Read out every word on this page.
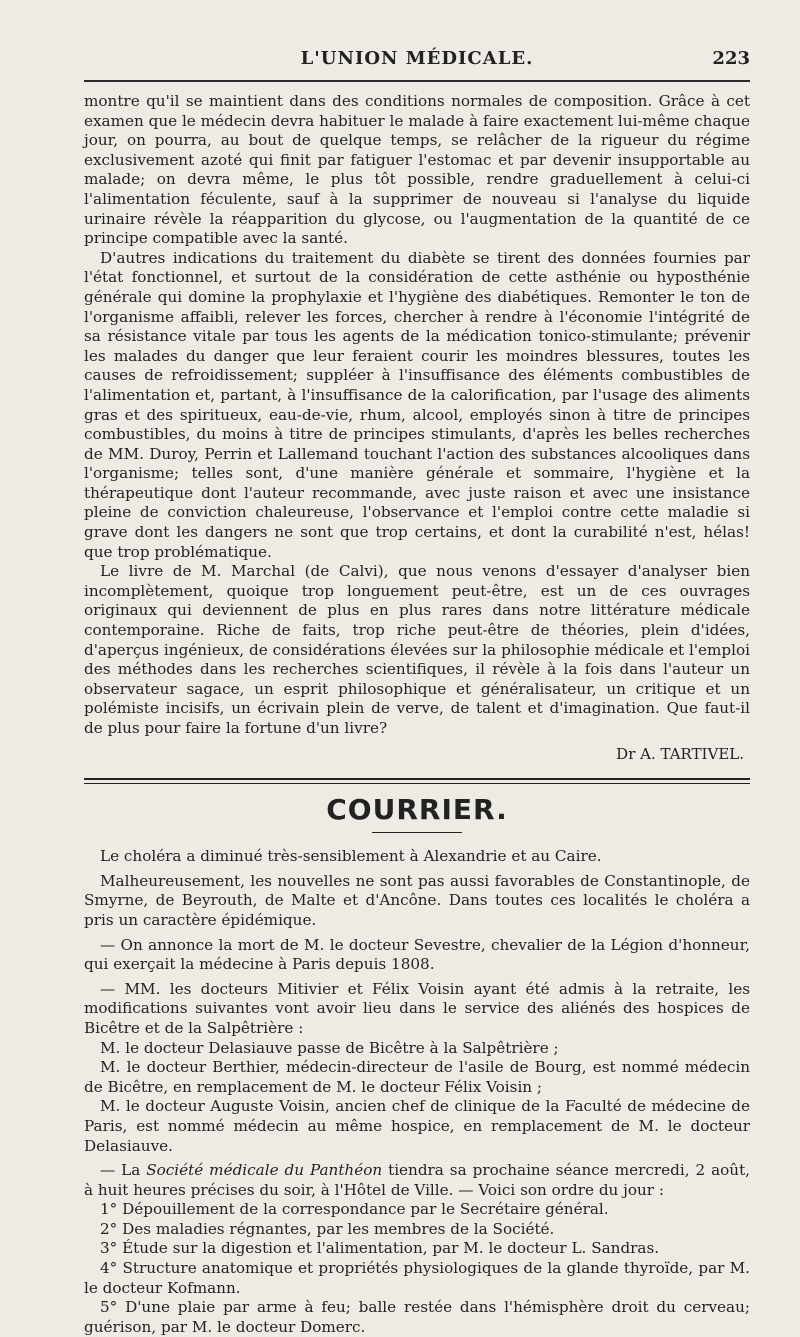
L'UNION MÉDICALE.	223

montre qu'il se maintient dans des conditions normales de composition. Grâce à cet examen que le médecin devra habituer le malade à faire exactement lui-même chaque jour, on pourra, au bout de quelque temps, se relâcher de la rigueur du régime exclusivement azoté qui finit par fatiguer l'estomac et par devenir insupportable au malade; on devra même, le plus tôt possible, rendre graduellement à celui-ci l'alimentation féculente, sauf à la supprimer de nouveau si l'analyse du liquide urinaire révèle la réapparition du glycose, ou l'augmentation de la quantité de ce principe compatible avec la santé.

D'autres indications du traitement du diabète se tirent des données fournies par l'état fonctionnel, et surtout de la considération de cette asthénie ou hyposthénie générale qui domine la prophylaxie et l'hygiène des diabétiques. Remonter le ton de l'organisme affaibli, relever les forces, chercher à rendre à l'économie l'intégrité de sa résistance vitale par tous les agents de la médication tonico-stimulante; prévenir les malades du danger que leur feraient courir les moindres blessures, toutes les causes de refroidissement; suppléer à l'insuffisance des éléments combustibles de l'alimentation et, partant, à l'insuffisance de la calorification, par l'usage des aliments gras et des spiritueux, eau-de-vie, rhum, alcool, employés sinon à titre de principes combustibles, du moins à titre de principes stimulants, d'après les belles recherches de MM. Duroy, Perrin et Lallemand touchant l'action des substances alcooliques dans l'organisme; telles sont, d'une manière générale et sommaire, l'hygiène et la thérapeutique dont l'auteur recommande, avec juste raison et avec une insistance pleine de conviction chaleureuse, l'observance et l'emploi contre cette maladie si grave dont les dangers ne sont que trop certains, et dont la curabilité n'est, hélas! que trop problématique.

Le livre de M. Marchal (de Calvi), que nous venons d'essayer d'analyser bien incomplètement, quoique trop longuement peut-être, est un de ces ouvrages originaux qui deviennent de plus en plus rares dans notre littérature médicale contemporaine. Riche de faits, trop riche peut-être de théories, plein d'idées, d'aperçus ingénieux, de considérations élevées sur la philosophie médicale et l'emploi des méthodes dans les recherches scientifiques, il révèle à la fois dans l'auteur un observateur sagace, un esprit philosophique et généralisateur, un critique et un polémiste incisifs, un écrivain plein de verve, de talent et d'imagination. Que faut-il de plus pour faire la fortune d'un livre?

Dr A. TARTIVEL.
COURRIER.

Le choléra a diminué très-sensiblement à Alexandrie et au Caire.

Malheureusement, les nouvelles ne sont pas aussi favorables de Constantinople, de Smyrne, de Beyrouth, de Malte et d'Ancône. Dans toutes ces localités le choléra a pris un caractère épidémique.

— On annonce la mort de M. le docteur Sevestre, chevalier de la Légion d'honneur, qui exerçait la médecine à Paris depuis 1808.

— MM. les docteurs Mitivier et Félix Voisin ayant été admis à la retraite, les modifications suivantes vont avoir lieu dans le service des aliénés des hospices de Bicêtre et de la Salpêtrière :

M. le docteur Delasiauve passe de Bicêtre à la Salpêtrière ;

M. le docteur Berthier, médecin-directeur de l'asile de Bourg, est nommé médecin de Bicêtre, en remplacement de M. le docteur Félix Voisin ;

M. le docteur Auguste Voisin, ancien chef de clinique de la Faculté de médecine de Paris, est nommé médecin au même hospice, en remplacement de M. le docteur Delasiauve.

— La Société médicale du Panthéon tiendra sa prochaine séance mercredi, 2 août, à huit heures précises du soir, à l'Hôtel de Ville. — Voici son ordre du jour :

1° Dépouillement de la correspondance par le Secrétaire général.

2° Des maladies régnantes, par les membres de la Société.

3° Étude sur la digestion et l'alimentation, par M. le docteur L. Sandras.

4° Structure anatomique et propriétés physiologiques de la glande thyroïde, par M. le docteur Kofmann.

5° D'une plaie par arme à feu; balle restée dans l'hémisphère droit du cerveau; guérison, par M. le docteur Domerc.
